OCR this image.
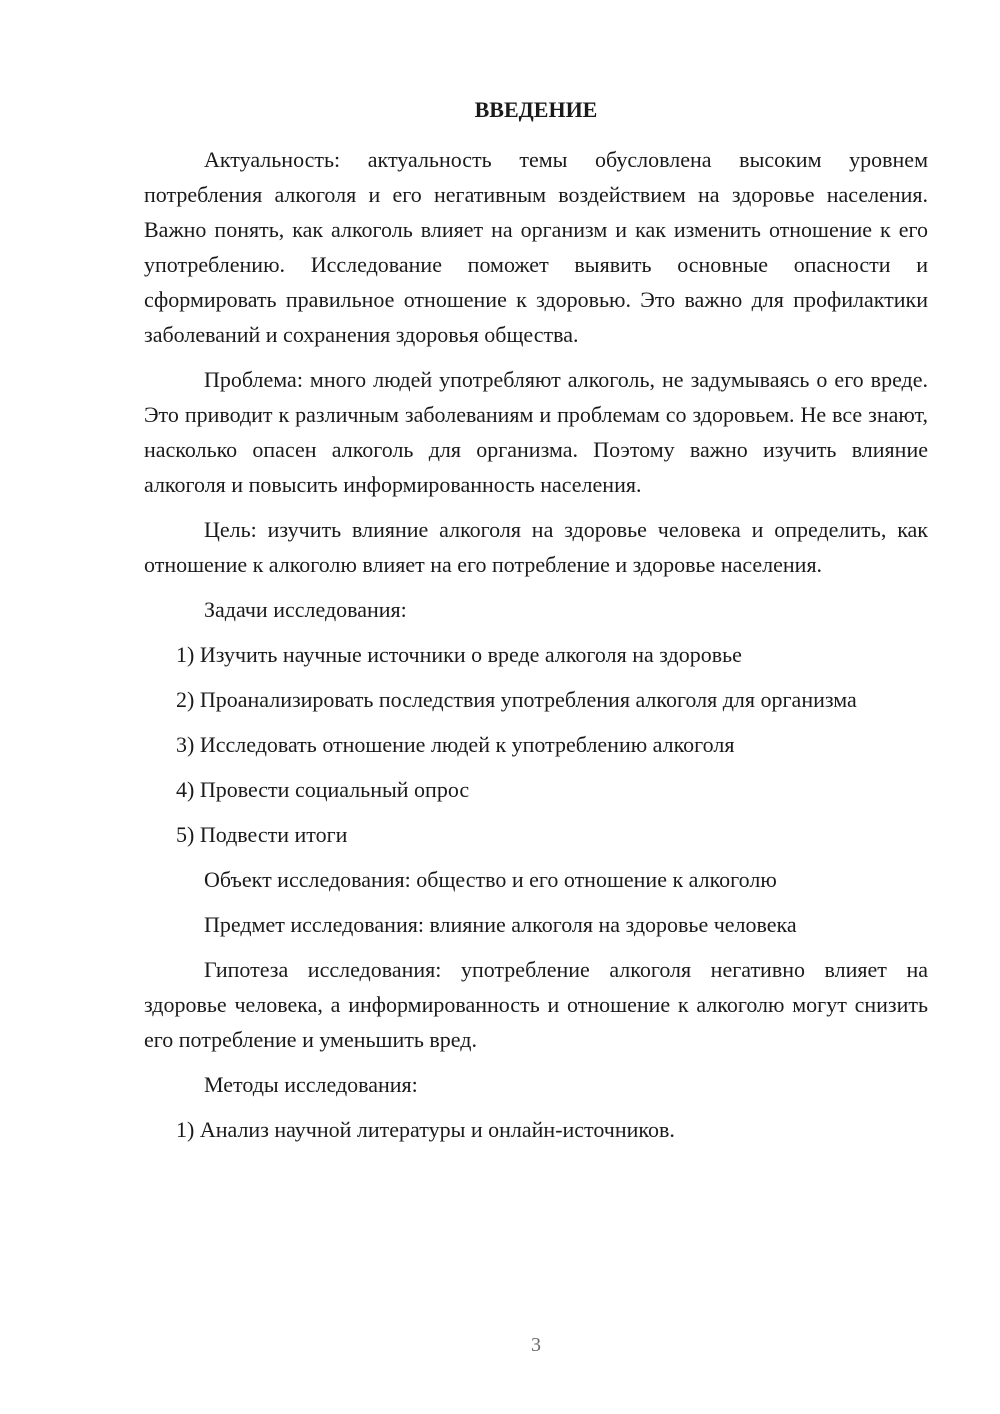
ВВЕДЕНИЕ

Актуальность: актуальность темы обусловлена высоким уровнем потребления алкоголя и его негативным воздействием на здоровье населения. Важно понять, как алкоголь влияет на организм и как изменить отношение к его употреблению. Исследование поможет выявить основные опасности и сформировать правильное отношение к здоровью. Это важно для профилактики заболеваний и сохранения здоровья общества.

Проблема: много людей употребляют алкоголь, не задумываясь о его вреде. Это приводит к различным заболеваниям и проблемам со здоровьем. Не все знают, насколько опасен алкоголь для организма. Поэтому важно изучить влияние алкоголя и повысить информированность населения.

Цель: изучить влияние алкоголя на здоровье человека и определить, как отношение к алкоголю влияет на его потребление и здоровье населения.

Задачи исследования:

1) Изучить научные источники о вреде алкоголя на здоровье

2) Проанализировать последствия употребления алкоголя для организма

3) Исследовать отношение людей к употреблению алкоголя

4) Провести социальный опрос

5) Подвести итоги

Объект исследования: общество и его отношение к алкоголю

Предмет исследования: влияние алкоголя на здоровье человека

Гипотеза исследования: употребление алкоголя негативно влияет на здоровье человека, а информированность и отношение к алкоголю могут снизить его потребление и уменьшить вред.

Методы исследования:

1) Анализ научной литературы и онлайн-источников.

3
